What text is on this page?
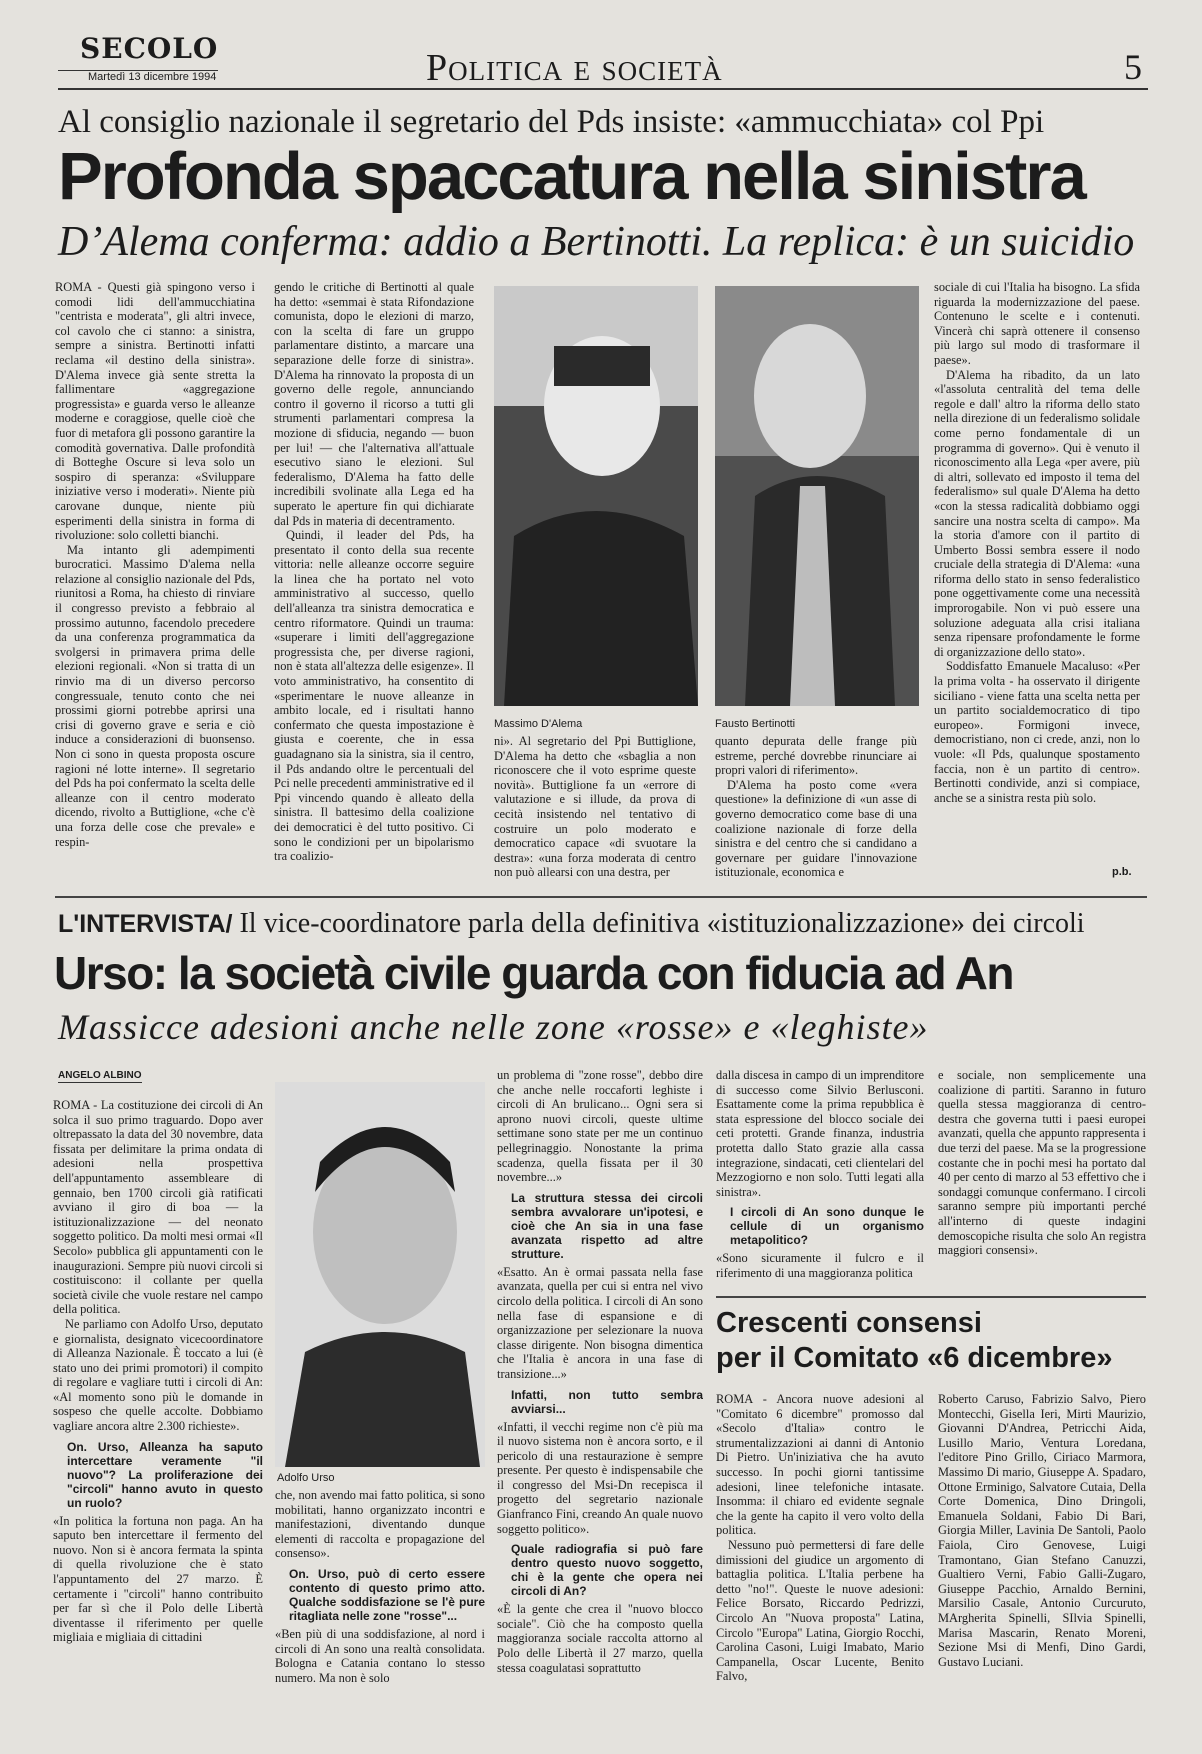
SECOLO
Martedì 13 dicembre 1994	Politica e società	5
Al consiglio nazionale il segretario del Pds insiste: «ammucchiata» col Ppi
Profonda spaccatura nella sinistra
D’Alema conferma: addio a Bertinotti. La replica: è un suicidio

ROMA - Questi già spingono verso i comodi lidi dell'ammucchiatina "centrista e moderata", gli altri invece, col cavolo che ci stanno: a sinistra, sempre a sinistra. Bertinotti infatti reclama «il destino della sinistra». D'Alema invece già sente stretta la fallimentare «aggregazione progressista» e guarda verso le alleanze moderne e coraggiose, quelle cioè che fuor di metafora gli possono garantire la comodità governativa. Dalle profondità di Botteghe Oscure si leva solo un sospiro di speranza: «Sviluppare iniziative verso i moderati». Niente più carovane dunque, niente più esperimenti della sinistra in forma di rivoluzione: solo colletti bianchi.

Ma intanto gli adempimenti burocratici. Massimo D'alema nella relazione al consiglio nazionale del Pds, riunitosi a Roma, ha chiesto di rinviare il congresso previsto a febbraio al prossimo autunno, facendolo precedere da una conferenza programmatica da svolgersi in primavera prima delle elezioni regionali. «Non si tratta di un rinvio ma di un diverso percorso congressuale, tenuto conto che nei prossimi giorni potrebbe aprirsi una crisi di governo grave e seria e ciò induce a considerazioni di buonsenso. Non ci sono in questa proposta oscure ragioni né lotte interne». Il segretario del Pds ha poi confermato la scelta delle alleanze con il centro moderato dicendo, rivolto a Buttiglione, «che c'è una forza delle cose che prevale» e respin-

gendo le critiche di Bertinotti al quale ha detto: «semmai è stata Rifondazione comunista, dopo le elezioni di marzo, con la scelta di fare un gruppo parlamentare distinto, a marcare una separazione delle forze di sinistra». D'Alema ha rinnovato la proposta di un governo delle regole, annunciando contro il governo il ricorso a tutti gli strumenti parlamentari compresa la mozione di sfiducia, negando — buon per lui! — che l'alternativa all'attuale esecutivo siano le elezioni. Sul federalismo, D'Alema ha fatto delle incredibili svolinate alla Lega ed ha superato le aperture fin qui dichiarate dal Pds in materia di decentramento.

Quindi, il leader del Pds, ha presentato il conto della sua recente vittoria: nelle alleanze occorre seguire la linea che ha portato nel voto amministrativo al successo, quello dell'alleanza tra sinistra democratica e centro riformatore. Quindi un trauma: «superare i limiti dell'aggregazione progressista che, per diverse ragioni, non è stata all'altezza delle esigenze». Il voto amministrativo, ha consentito di «sperimentare le nuove alleanze in ambito locale, ed i risultati hanno confermato che questa impostazione è giusta e coerente, che in essa guadagnano sia la sinistra, sia il centro, il Pds andando oltre le percentuali del Pci nelle precedenti amministrative ed il Ppi vincendo quando è alleato della sinistra. Il battesimo della coalizione dei democratici è del tutto positivo. Ci sono le condizioni per un bipolarismo tra coalizio-

Massimo D'Alema	Fausto Bertinotti

ni». Al segretario del Ppi Buttiglione, D'Alema ha detto che «sbaglia a non riconoscere che il voto esprime queste novità». Buttiglione fa un «errore di valutazione e si illude, da prova di cecità insistendo nel tentativo di costruire un polo moderato e democratico capace «di svuotare la destra»: «una forza moderata di centro non può allearsi con una destra, per

quanto depurata delle frange più estreme, perché dovrebbe rinunciare ai propri valori di riferimento».

D'Alema ha posto come «vera questione» la definizione di «un asse di governo democratico come base di una coalizione nazionale di forze della sinistra e del centro che si candidano a governare per guidare l'innovazione istituzionale, economica e

sociale di cui l'Italia ha bisogno. La sfida riguarda la modernizzazione del paese. Contenuno le scelte e i contenuti. Vincerà chi saprà ottenere il consenso più largo sul modo di trasformare il paese».

D'Alema ha ribadito, da un lato «l'assoluta centralità del tema delle regole e dall' altro la riforma dello stato nella direzione di un federalismo solidale come perno fondamentale di un programma di governo». Qui è venuto il riconoscimento alla Lega «per avere, più di altri, sollevato ed imposto il tema del federalismo» sul quale D'Alema ha detto «con la stessa radicalità dobbiamo oggi sancire una nostra scelta di campo». Ma la storia d'amore con il partito di Umberto Bossi sembra essere il nodo cruciale della strategia di D'Alema: «una riforma dello stato in senso federalistico pone oggettivamente come una necessità improrogabile. Non vi può essere una soluzione adeguata alla crisi italiana senza ripensare profondamente le forme di organizzazione dello stato».

Soddisfatto Emanuele Macaluso: «Per la prima volta - ha osservato il dirigente siciliano - viene fatta una scelta netta per un partito socialdemocratico di tipo europeo». Formigoni invece, democristiano, non ci crede, anzi, non lo vuole: «Il Pds, qualunque spostamento faccia, non è un partito di centro». Bertinotti condivide, anzi si compiace, anche se a sinistra resta più solo.

p.b.
L'INTERVISTA/ Il vice-coordinatore parla della definitiva «istituzionalizzazione» dei circoli
Urso: la società civile guarda con fiducia ad An
Massicce adesioni anche nelle zone «rosse» e «leghiste»
ANGELO ALBINO

ROMA - La costituzione dei circoli di An solca il suo primo traguardo. Dopo aver oltrepassato la data del 30 novembre, data fissata per delimitare la prima ondata di adesioni nella prospettiva dell'appuntamento assembleare di gennaio, ben 1700 circoli già ratificati avviano il giro di boa — la istituzionalizzazione — del neonato soggetto politico. Da molti mesi ormai «Il Secolo» pubblica gli appuntamenti con le inaugurazioni. Sempre più nuovi circoli si costituiscono: il collante per quella società civile che vuole restare nel campo della politica.

Ne parliamo con Adolfo Urso, deputato e giornalista, designato vicecoordinatore di Alleanza Nazionale. È toccato a lui (è stato uno dei primi promotori) il compito di regolare e vagliare tutti i circoli di An: «Al momento sono più le domande in sospeso che quelle accolte. Dobbiamo vagliare ancora altre 2.300 richieste».

On. Urso, Alleanza ha saputo intercettare veramente "il nuovo"? La proliferazione dei "circoli" hanno avuto in questo un ruolo?

«In politica la fortuna non paga. An ha saputo ben intercettare il fermento del nuovo. Non si è ancora fermata la spinta di quella rivoluzione che è stato l'appuntamento del 27 marzo. È certamente i "circoli" hanno contribuito per far sì che il Polo delle Libertà diventasse il riferimento per quelle migliaia e migliaia di cittadini

Adolfo Urso

che, non avendo mai fatto politica, si sono mobilitati, hanno organizzato incontri e manifestazioni, diventando dunque elementi di raccolta e propagazione del consenso».

On. Urso, può di certo essere contento di questo primo atto. Qualche soddisfazione se l'è pure ritagliata nelle zone "rosse"...

«Ben più di una soddisfazione, al nord i circoli di An sono una realtà consolidata. Bologna e Catania contano lo stesso numero. Ma non è solo

un problema di "zone rosse", debbo dire che anche nelle roccaforti leghiste i circoli di An brulicano... Ogni sera si aprono nuovi circoli, queste ultime settimane sono state per me un continuo pellegrinaggio. Nonostante la prima scadenza, quella fissata per il 30 novembre...»

La struttura stessa dei circoli sembra avvalorare un'ipotesi, e cioè che An sia in una fase avanzata rispetto ad altre strutture.

«Esatto. An è ormai passata nella fase avanzata, quella per cui si entra nel vivo circolo della politica. I circoli di An sono nella fase di espansione e di organizzazione per selezionare la nuova classe dirigente. Non bisogna dimentica che l'Italia è ancora in una fase di transizione...»

Infatti, non tutto sembra avviarsi...

«Infatti, il vecchi regime non c'è più ma il nuovo sistema non è ancora sorto, e il pericolo di una restaurazione è sempre presente. Per questo è indispensabile che il congresso del Msi-Dn recepisca il progetto del segretario nazionale Gianfranco Fini, creando An quale nuovo soggetto politico».

Quale radiografia si può fare dentro questo nuovo soggetto, chi è la gente che opera nei circoli di An?

«È la gente che crea il "nuovo blocco sociale". Ciò che ha composto quella maggioranza sociale raccolta attorno al Polo delle Libertà il 27 marzo, quella stessa coagulatasi soprattutto

dalla discesa in campo di un imprenditore di successo come Silvio Berlusconi. Esattamente come la prima repubblica è stata espressione del blocco sociale dei ceti protetti. Grande finanza, industria protetta dallo Stato grazie alla cassa integrazione, sindacati, ceti clientelari del Mezzogiorno e non solo. Tutti legati alla sinistra».

I circoli di An sono dunque le cellule di un organismo metapolitico?

«Sono sicuramente il fulcro e il riferimento di una maggioranza politica

e sociale, non semplicemente una coalizione di partiti. Saranno in futuro quella stessa maggioranza di centro-destra che governa tutti i paesi europei avanzati, quella che appunto rappresenta i due terzi del paese. Ma se la progressione costante che in pochi mesi ha portato dal 40 per cento di marzo al 53 effettivo che i sondaggi comunque confermano. I circoli saranno sempre più importanti perché all'interno di queste indagini demoscopiche risulta che solo An registra maggiori consensi».

Crescenti consensi
per il Comitato «6 dicembre»

ROMA - Ancora nuove adesioni al "Comitato 6 dicembre" promosso dal «Secolo d'Italia» contro le strumentalizzazioni ai danni di Antonio Di Pietro. Un'iniziativa che ha avuto successo. In pochi giorni tantissime adesioni, linee telefoniche intasate. Insomma: il chiaro ed evidente segnale che la gente ha capito il vero volto della politica.

Nessuno può permettersi di fare delle dimissioni del giudice un argomento di battaglia politica. L'Italia perbene ha detto "no!". Queste le nuove adesioni: Felice Borsato, Riccardo Pedrizzi, Circolo An "Nuova proposta" Latina, Circolo "Europa" Latina, Giorgio Rocchi, Carolina Casoni, Luigi Imabato, Mario Campanella, Oscar Lucente, Benito Falvo,

Roberto Caruso, Fabrizio Salvo, Piero Montecchi, Gisella Ieri, Mirti Maurizio, Giovanni D'Andrea, Petricchi Aida, Lusillo Mario, Ventura Loredana, l'editore Pino Grillo, Ciriaco Marmora, Massimo Di mario, Giuseppe A. Spadaro, Ottone Erminigo, Salvatore Cutaia, Della Corte Domenica, Dino Dringoli, Emanuela Soldani, Fabio Di Bari, Giorgia Miller, Lavinia De Santoli, Paolo Faiola, Ciro Genovese, Luigi Tramontano, Gian Stefano Canuzzi, Gualtiero Verni, Fabio Galli-Zugaro, Giuseppe Pacchio, Arnaldo Bernini, Marsilio Casale, Antonio Curcuruto, MArgherita Spinelli, SIlvia Spinelli, Marisa Mascarin, Renato Moreni, Sezione Msi di Menfi, Dino Gardi, Gustavo Luciani.
